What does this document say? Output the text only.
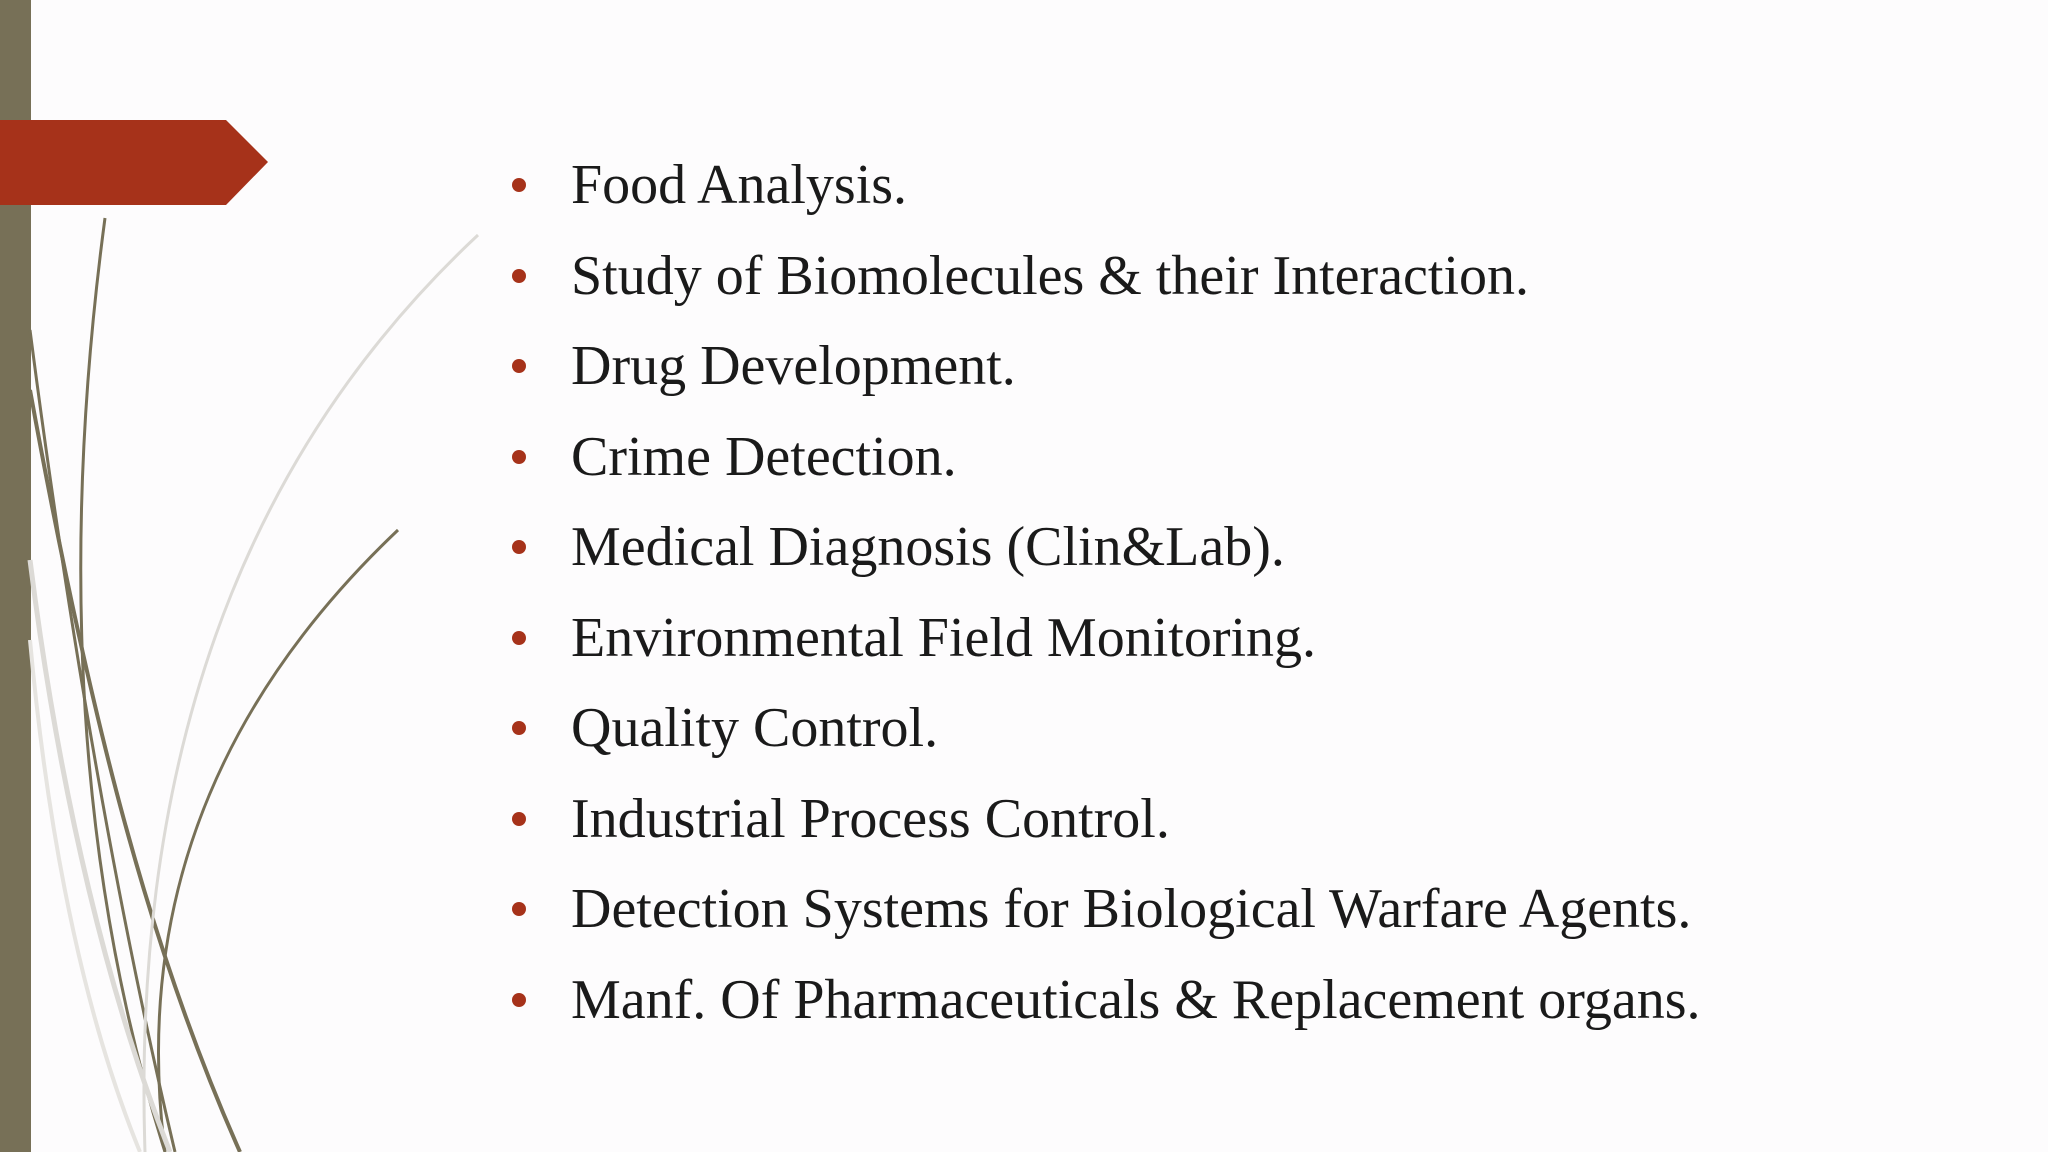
Food Analysis.
Study of Biomolecules & their Interaction.
Drug Development.
Crime Detection.
Medical Diagnosis (Clin&Lab).
Environmental Field Monitoring.
Quality Control.
Industrial Process Control.
Detection Systems for Biological Warfare Agents.
Manf. Of Pharmaceuticals & Replacement organs.
